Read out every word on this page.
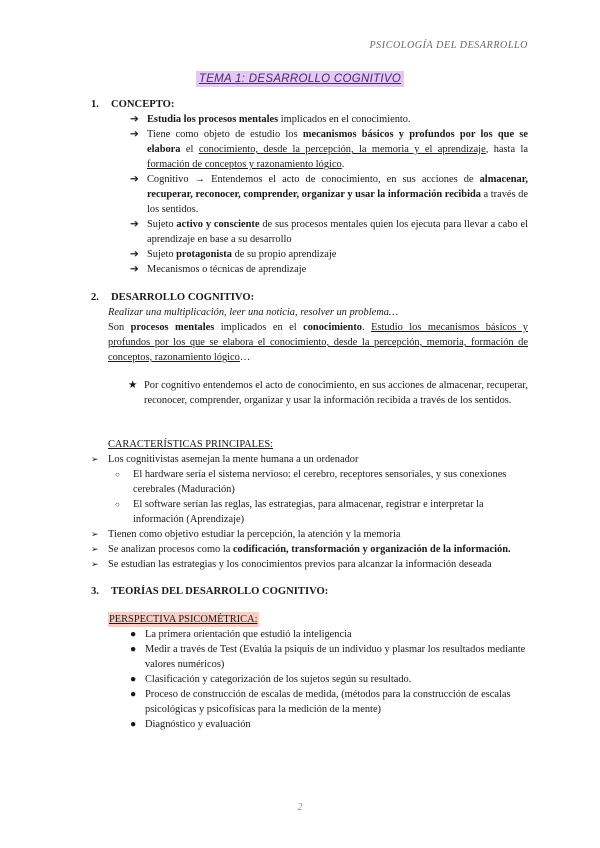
PSICOLOGÍA DEL DESARROLLO
TEMA 1: DESARROLLO COGNITIVO
1. CONCEPTO:
➔ Estudia los procesos mentales implicados en el conocimiento.
➔ Tiene como objeto de estudio los mecanismos básicos y profundos por los que se elabora el conocimiento, desde la percepción, la memoria y el aprendizaje, hasta la formación de conceptos y razonamiento lógico.
➔ Cognitivo → Entendemos el acto de conocimiento, en sus acciones de almacenar, recuperar, reconocer, comprender, organizar y usar la información recibida a través de los sentidos.
➔ Sujeto activo y consciente de sus procesos mentales quien los ejecuta para llevar a cabo el aprendizaje en base a su desarrollo
➔ Sujeto protagonista de su propio aprendizaje
➔ Mecanismos o técnicas de aprendizaje
2. DESARROLLO COGNITIVO:
Realizar una multiplicación, leer una noticia, resolver un problema…
Son procesos mentales implicados en el conocimiento. Estudio los mecanismos básicos y profundos por los que se elabora el conocimiento, desde la percepción, memoria, formación de conceptos, razonamiento lógico…
★ Por cognitivo entendemos el acto de conocimiento, en sus acciones de almacenar, recuperar, reconocer, comprender, organizar y usar la información recibida a través de los sentidos.
CARACTERÍSTICAS PRINCIPALES:
➢ Los cognitivistas asemejan la mente humana a un ordenador
○ El hardware sería el sistema nervioso: el cerebro, receptores sensoriales, y sus conexiones cerebrales (Maduración)
○ El software serían las reglas, las estrategias, para almacenar, registrar e interpretar la información (Aprendizaje)
➢ Tienen como objetivo estudiar la percepción, la atención y la memoria
➢ Se analizan procesos como la codificación, transformación y organización de la información.
➢ Se estudian las estrategias y los conocimientos previos para alcanzar la información deseada
3. TEORÍAS DEL DESARROLLO COGNITIVO:
PERSPECTIVA PSICOMÉTRICA:
● La primera orientación que estudió la inteligencia
● Medir a través de Test (Evalúa la psiquis de un individuo y plasmar los resultados mediante valores numéricos)
● Clasificación y categorización de los sujetos según su resultado.
● Proceso de construcción de escalas de medida, (métodos para la construcción de escalas psicológicas y psicofísicas para la medición de la mente)
● Diagnóstico y evaluación
2
